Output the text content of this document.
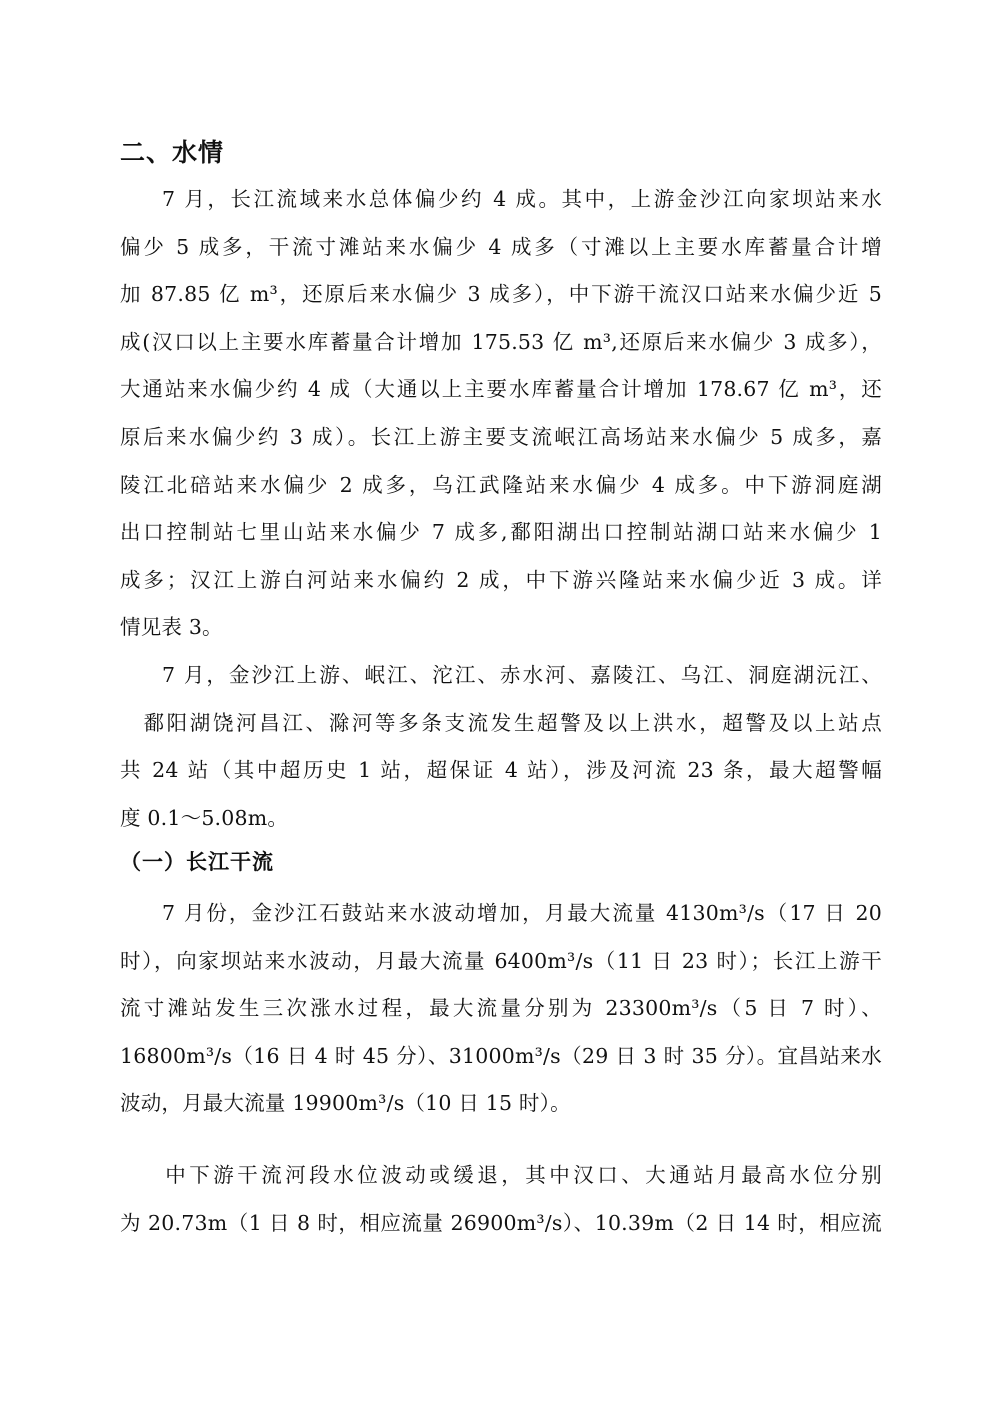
二、水情
7 月，长江流域来水总体偏少约 4 成。其中，上游金沙江向家坝站来水
偏少 5 成多，干流寸滩站来水偏少 4 成多（寸滩以上主要水库蓄量合计增
加 87.85 亿 m³，还原后来水偏少 3 成多），中下游干流汉口站来水偏少近 5
成(汉口以上主要水库蓄量合计增加 175.53 亿 m³,还原后来水偏少 3 成多），
大通站来水偏少约 4 成（大通以上主要水库蓄量合计增加 178.67 亿 m³，还
原后来水偏少约 3 成）。长江上游主要支流岷江高场站来水偏少 5 成多，嘉
陵江北碚站来水偏少 2 成多，乌江武隆站来水偏少 4 成多。中下游洞庭湖
出口控制站七里山站来水偏少 7 成多,鄱阳湖出口控制站湖口站来水偏少 1
成多；汉江上游白河站来水偏约 2 成，中下游兴隆站来水偏少近 3 成。详
情见表 3。
7 月，金沙江上游、岷江、沱江、赤水河、嘉陵江、乌江、洞庭湖沅江、
鄱阳湖饶河昌江、滁河等多条支流发生超警及以上洪水，超警及以上站点
共 24 站（其中超历史 1 站，超保证 4 站），涉及河流 23 条，最大超警幅
度 0.1～5.08m。
（一）长江干流
7 月份，金沙江石鼓站来水波动增加，月最大流量 4130m³/s（17 日 20
时），向家坝站来水波动，月最大流量 6400m³/s（11 日 23 时）；长江上游干
流寸滩站发生三次涨水过程，最大流量分别为 23300m³/s（5 日 7 时）、
16800m³/s（16 日 4 时 45 分）、31000m³/s（29 日 3 时 35 分）。宜昌站来水
波动，月最大流量 19900m³/s（10 日 15 时）。
中下游干流河段水位波动或缓退，其中汉口、大通站月最高水位分别
为 20.73m（1 日 8 时，相应流量 26900m³/s）、10.39m（2 日 14 时，相应流
